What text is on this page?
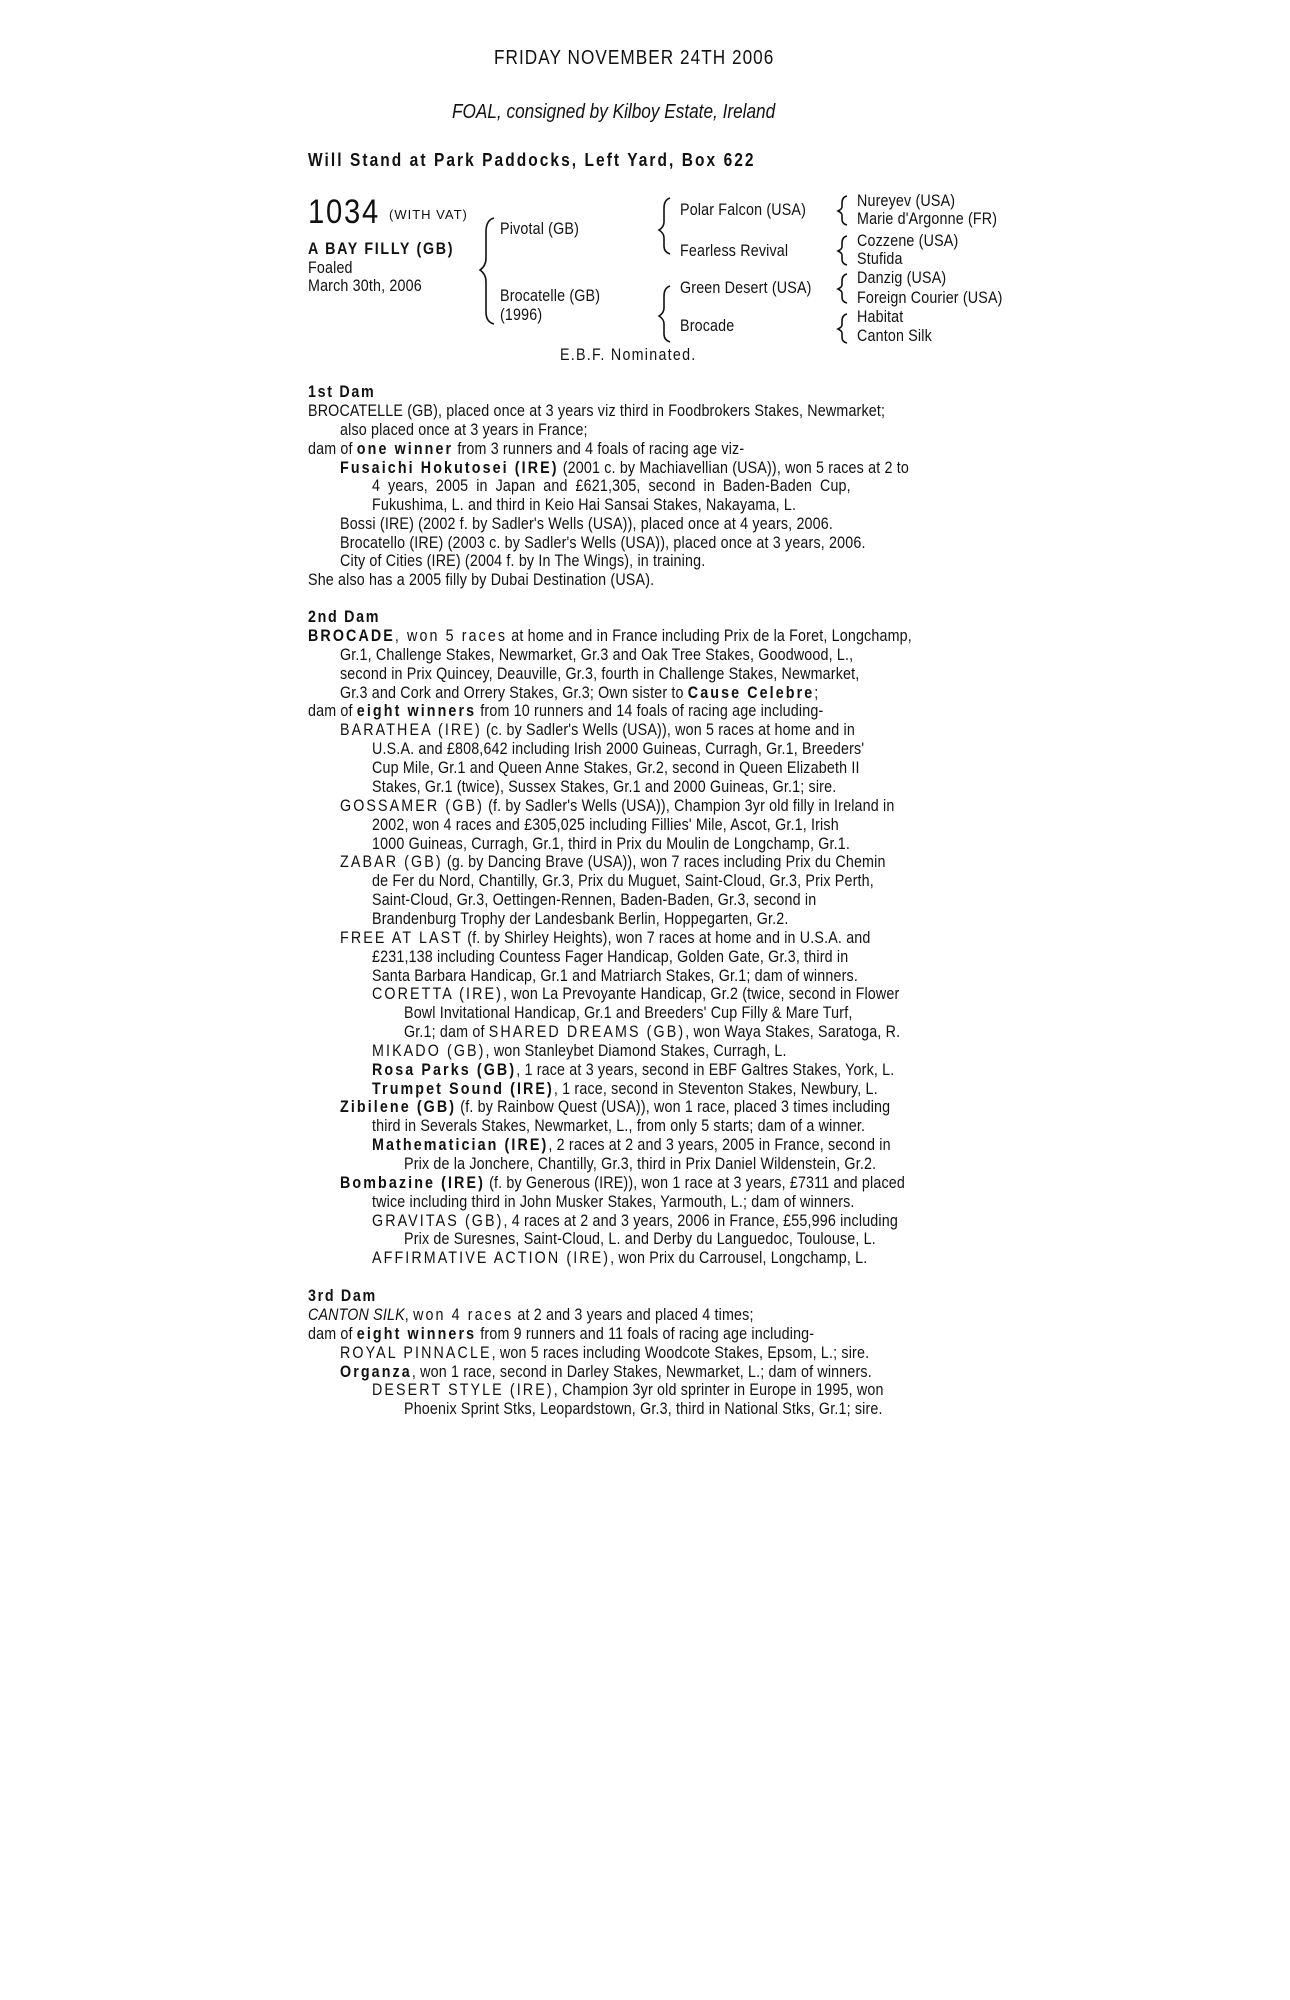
FRIDAY NOVEMBER 24TH 2006
FOAL, consigned by Kilboy Estate, Ireland
Will Stand at Park Paddocks, Left Yard, Box 622
1034 (WITH VAT)
A BAY FILLY (GB)
Foaled
March 30th, 2006
Pivotal (GB)
Brocatelle (GB)
(1996)
Polar Falcon (USA)
Fearless Revival
Green Desert (USA)
Brocade
Nureyev (USA)
Marie d'Argonne (FR)
Cozzene (USA)
Stufida
Danzig (USA)
Foreign Courier (USA)
Habitat
Canton Silk
E.B.F. Nominated.
1st Dam
BROCATELLE (GB), placed once at 3 years viz third in Foodbrokers Stakes, Newmarket;
also placed once at 3 years in France;
dam of one winner from 3 runners and 4 foals of racing age viz-
Fusaichi Hokutosei (IRE) (2001 c. by Machiavellian (USA)), won 5 races at 2 to
4 years, 2005 in Japan and £621,305, second in Baden-Baden Cup,
Fukushima, L. and third in Keio Hai Sansai Stakes, Nakayama, L.
Bossi (IRE) (2002 f. by Sadler's Wells (USA)), placed once at 4 years, 2006.
Brocatello (IRE) (2003 c. by Sadler's Wells (USA)), placed once at 3 years, 2006.
City of Cities (IRE) (2004 f. by In The Wings), in training.
She also has a 2005 filly by Dubai Destination (USA).
2nd Dam
BROCADE, won 5 races at home and in France including Prix de la Foret, Longchamp,
Gr.1, Challenge Stakes, Newmarket, Gr.3 and Oak Tree Stakes, Goodwood, L.,
second in Prix Quincey, Deauville, Gr.3, fourth in Challenge Stakes, Newmarket,
Gr.3 and Cork and Orrery Stakes, Gr.3; Own sister to Cause Celebre;
dam of eight winners from 10 runners and 14 foals of racing age including-
BARATHEA (IRE) (c. by Sadler's Wells (USA)), won 5 races at home and in
U.S.A. and £808,642 including Irish 2000 Guineas, Curragh, Gr.1, Breeders'
Cup Mile, Gr.1 and Queen Anne Stakes, Gr.2, second in Queen Elizabeth II
Stakes, Gr.1 (twice), Sussex Stakes, Gr.1 and 2000 Guineas, Gr.1; sire.
GOSSAMER (GB) (f. by Sadler's Wells (USA)), Champion 3yr old filly in Ireland in
2002, won 4 races and £305,025 including Fillies' Mile, Ascot, Gr.1, Irish
1000 Guineas, Curragh, Gr.1, third in Prix du Moulin de Longchamp, Gr.1.
ZABAR (GB) (g. by Dancing Brave (USA)), won 7 races including Prix du Chemin
de Fer du Nord, Chantilly, Gr.3, Prix du Muguet, Saint-Cloud, Gr.3, Prix Perth,
Saint-Cloud, Gr.3, Oettingen-Rennen, Baden-Baden, Gr.3, second in
Brandenburg Trophy der Landesbank Berlin, Hoppegarten, Gr.2.
FREE AT LAST (f. by Shirley Heights), won 7 races at home and in U.S.A. and
£231,138 including Countess Fager Handicap, Golden Gate, Gr.3, third in
Santa Barbara Handicap, Gr.1 and Matriarch Stakes, Gr.1; dam of winners.
CORETTA (IRE), won La Prevoyante Handicap, Gr.2 (twice, second in Flower
Bowl Invitational Handicap, Gr.1 and Breeders' Cup Filly & Mare Turf,
Gr.1; dam of SHARED DREAMS (GB), won Waya Stakes, Saratoga, R.
MIKADO (GB), won Stanleybet Diamond Stakes, Curragh, L.
Rosa Parks (GB), 1 race at 3 years, second in EBF Galtres Stakes, York, L.
Trumpet Sound (IRE), 1 race, second in Steventon Stakes, Newbury, L.
Zibilene (GB) (f. by Rainbow Quest (USA)), won 1 race, placed 3 times including
third in Severals Stakes, Newmarket, L., from only 5 starts; dam of a winner.
Mathematician (IRE), 2 races at 2 and 3 years, 2005 in France, second in
Prix de la Jonchere, Chantilly, Gr.3, third in Prix Daniel Wildenstein, Gr.2.
Bombazine (IRE) (f. by Generous (IRE)), won 1 race at 3 years, £7311 and placed
twice including third in John Musker Stakes, Yarmouth, L.; dam of winners.
GRAVITAS (GB), 4 races at 2 and 3 years, 2006 in France, £55,996 including
Prix de Suresnes, Saint-Cloud, L. and Derby du Languedoc, Toulouse, L.
AFFIRMATIVE ACTION (IRE), won Prix du Carrousel, Longchamp, L.
3rd Dam
CANTON SILK, won 4 races at 2 and 3 years and placed 4 times;
dam of eight winners from 9 runners and 11 foals of racing age including-
ROYAL PINNACLE, won 5 races including Woodcote Stakes, Epsom, L.; sire.
Organza, won 1 race, second in Darley Stakes, Newmarket, L.; dam of winners.
DESERT STYLE (IRE), Champion 3yr old sprinter in Europe in 1995, won
Phoenix Sprint Stks, Leopardstown, Gr.3, third in National Stks, Gr.1; sire.
